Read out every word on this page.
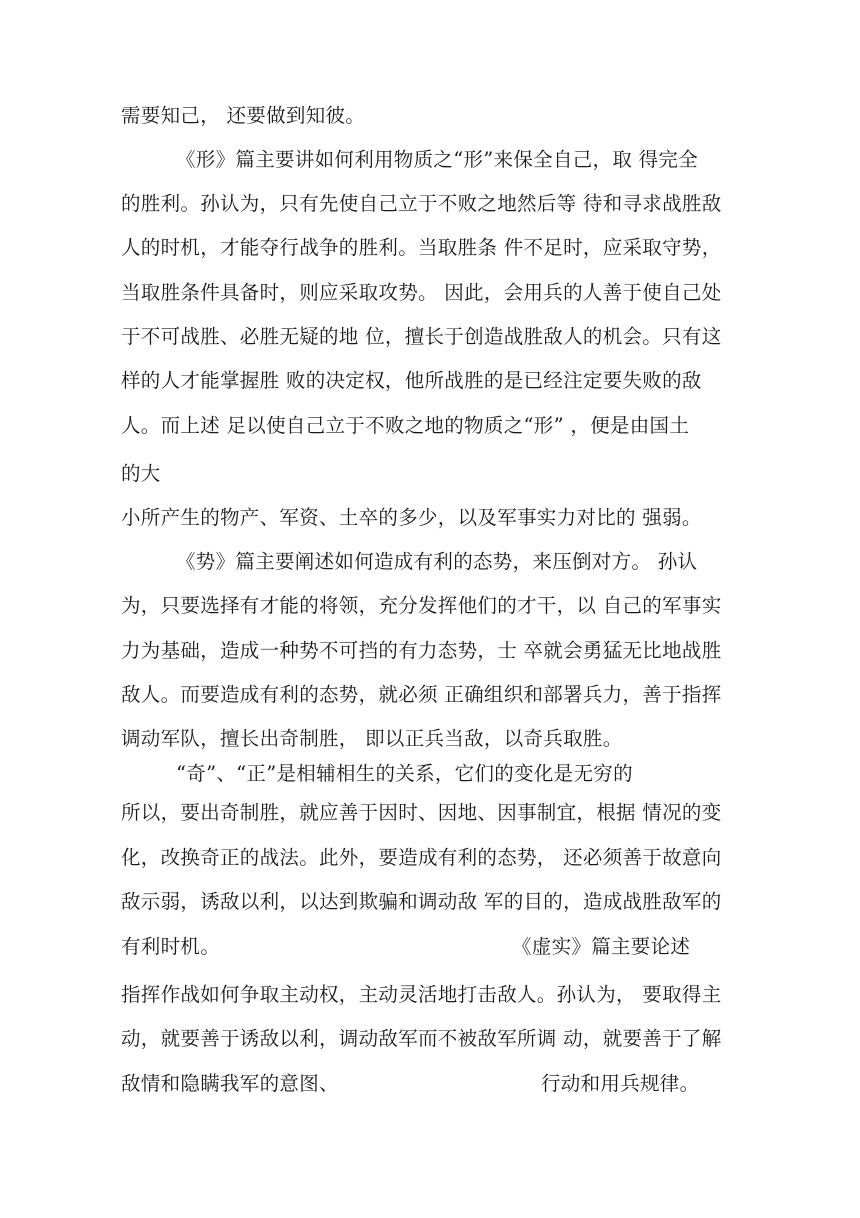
需要知己， 还要做到知彼。
《形》篇主要讲如何利用物质之“形”来保全自己，取 得完全
的胜利。孙认为，只有先使自己立于不败之地然后等 待和寻求战胜敌
人的时机，才能夺行战争的胜利。当取胜条 件不足时，应采取守势，
当取胜条件具备时，则应采取攻势。 因此，会用兵的人善于使自己处
于不可战胜、必胜无疑的地 位，擅长于创造战胜敌人的机会。只有这
样的人才能掌握胜 败的决定权，他所战胜的是已经注定要失败的敌
人。而上述 足以使自己立于不败之地的物质之“形” ，便是由国土
的大
小所产生的物产、军资、土卒的多少，以及军事实力对比的 强弱。
《势》篇主要阐述如何造成有利的态势，来压倒对方。 孙认
为，只要选择有才能的将领，充分发挥他们的才干，以 自己的军事实
力为基础，造成一种势不可挡的有力态势，士 卒就会勇猛无比地战胜
敌人。而要造成有利的态势，就必须 正确组织和部署兵力，善于指挥
调动军队，擅长出奇制胜， 即以正兵当敌，以奇兵取胜。
“奇”、“正”是相辅相生的关系，它们的变化是无穷的
所以，要出奇制胜，就应善于因时、因地、因事制宜，根据 情况的变
化，改换奇正的战法。此外，要造成有利的态势， 还必须善于故意向
敌示弱，诱敌以利，以达到欺骗和调动敌 军的目的，造成战胜敌军的
有利时机。	《虚实》篇主要论述
指挥作战如何争取主动权，主动灵活地打击敌人。孙认为， 要取得主
动，就要善于诱敌以利，调动敌军而不被敌军所调 动，就要善于了解
敌情和隐瞒我军的意图、	行动和用兵规律。
